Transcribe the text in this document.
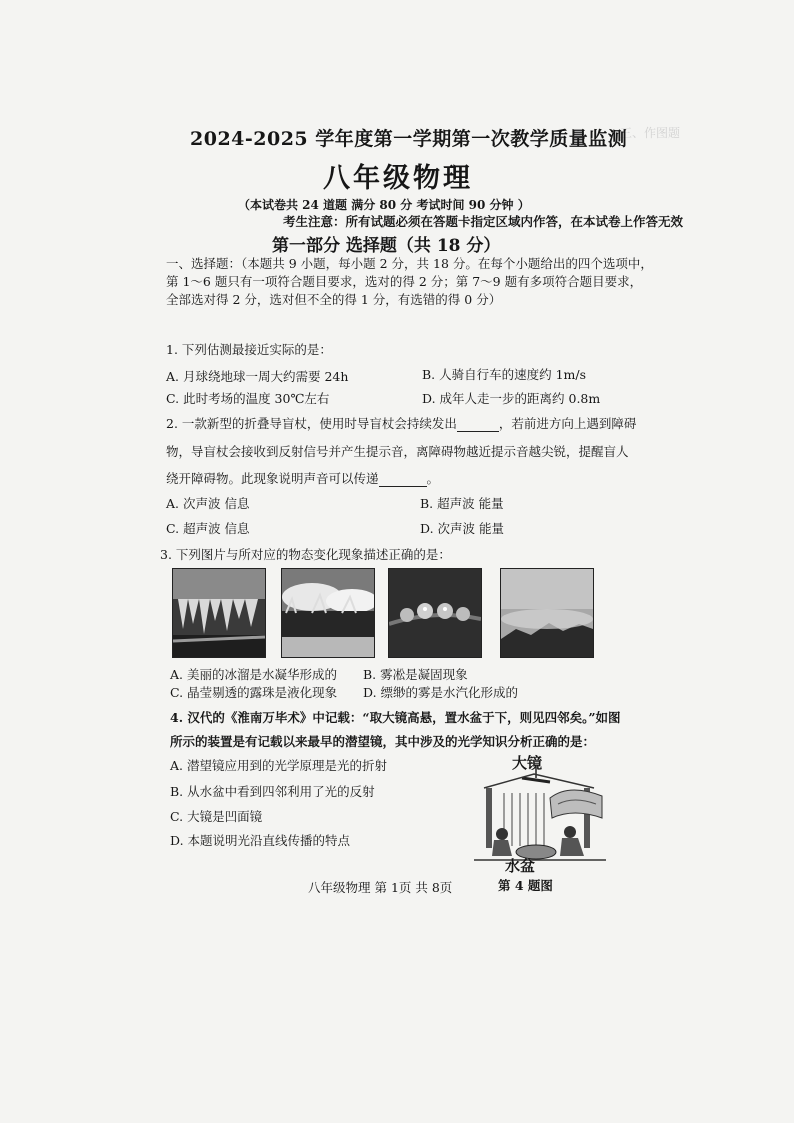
三、作图题

2024-2025 学年度第一学期第一次教学质量监测
八年级物理
（本试卷共 24 道题 满分 80 分 考试时间 90 分钟 ）
考生注意：所有试题必须在答题卡指定区域内作答，在本试卷上作答无效
第一部分 选择题（共 18 分）
一、选择题：（本题共 9 小题，每小题 2 分，共 18 分。在每个小题给出的四个选项中，
第 1～6 题只有一项符合题目要求，选对的得 2 分；第 7～9 题有多项符合题目要求，
全部选对得 2 分，选对但不全的得 1 分，有选错的得 0 分）
1. 下列估测最接近实际的是：
A. 月球绕地球一周大约需要 24h	B. 人骑自行车的速度约 1m/s
C. 此时考场的温度 30℃左右	D. 成年人走一步的距离约 0.8m
2. 一款新型的折叠导盲杖，使用时导盲杖会持续发出	，若前进方向上遇到障碍
物，导盲杖会接收到反射信号并产生提示音，离障碍物越近提示音越尖锐，提醒盲人
绕开障碍物。此现象说明声音可以传递	。
A. 次声波 信息	B. 超声波 能量
C. 超声波 信息	D. 次声波 能量
3. 下列图片与所对应的物态变化现象描述正确的是：
A. 美丽的冰溜是水凝华形成的 B. 雾凇是凝固现象
C. 晶莹剔透的露珠是液化现象 D. 缥缈的雾是水汽化形成的
4. 汉代的《淮南万毕术》中记载：“取大镜高悬，置水盆于下，则见四邻矣。”如图
所示的装置是有记载以来最早的潜望镜，其中涉及的光学知识分析正确的是：
A. 潜望镜应用到的光学原理是光的折射
B. 从水盆中看到四邻利用了光的反射
C. 大镜是凹面镜
D. 本题说明光沿直线传播的特点
大镜
水盆
第 4 题图
八年级物理 第 1页 共 8页
